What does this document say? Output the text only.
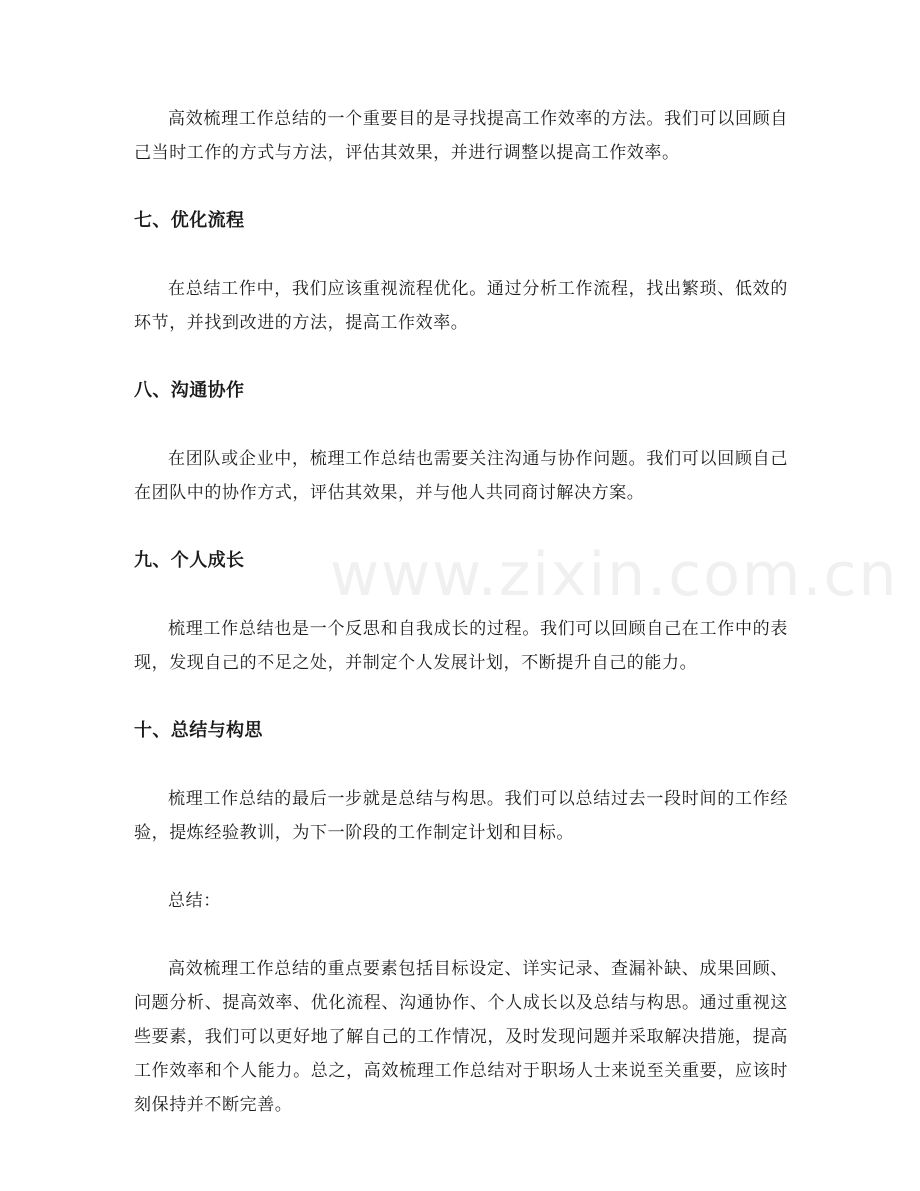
www.zixin.com.cn

高效梳理工作总结的一个重要目的是寻找提高工作效率的方法。我们可以回顾自己当时工作的方式与方法，评估其效果，并进行调整以提高工作效率。

七、优化流程

在总结工作中，我们应该重视流程优化。通过分析工作流程，找出繁琐、低效的环节，并找到改进的方法，提高工作效率。

八、沟通协作

在团队或企业中，梳理工作总结也需要关注沟通与协作问题。我们可以回顾自己在团队中的协作方式，评估其效果，并与他人共同商讨解决方案。

九、个人成长

梳理工作总结也是一个反思和自我成长的过程。我们可以回顾自己在工作中的表现，发现自己的不足之处，并制定个人发展计划，不断提升自己的能力。

十、总结与构思

梳理工作总结的最后一步就是总结与构思。我们可以总结过去一段时间的工作经验，提炼经验教训，为下一阶段的工作制定计划和目标。

总结：

高效梳理工作总结的重点要素包括目标设定、详实记录、查漏补缺、成果回顾、问题分析、提高效率、优化流程、沟通协作、个人成长以及总结与构思。通过重视这些要素，我们可以更好地了解自己的工作情况，及时发现问题并采取解决措施，提高工作效率和个人能力。总之，高效梳理工作总结对于职场人士来说至关重要，应该时刻保持并不断完善。
